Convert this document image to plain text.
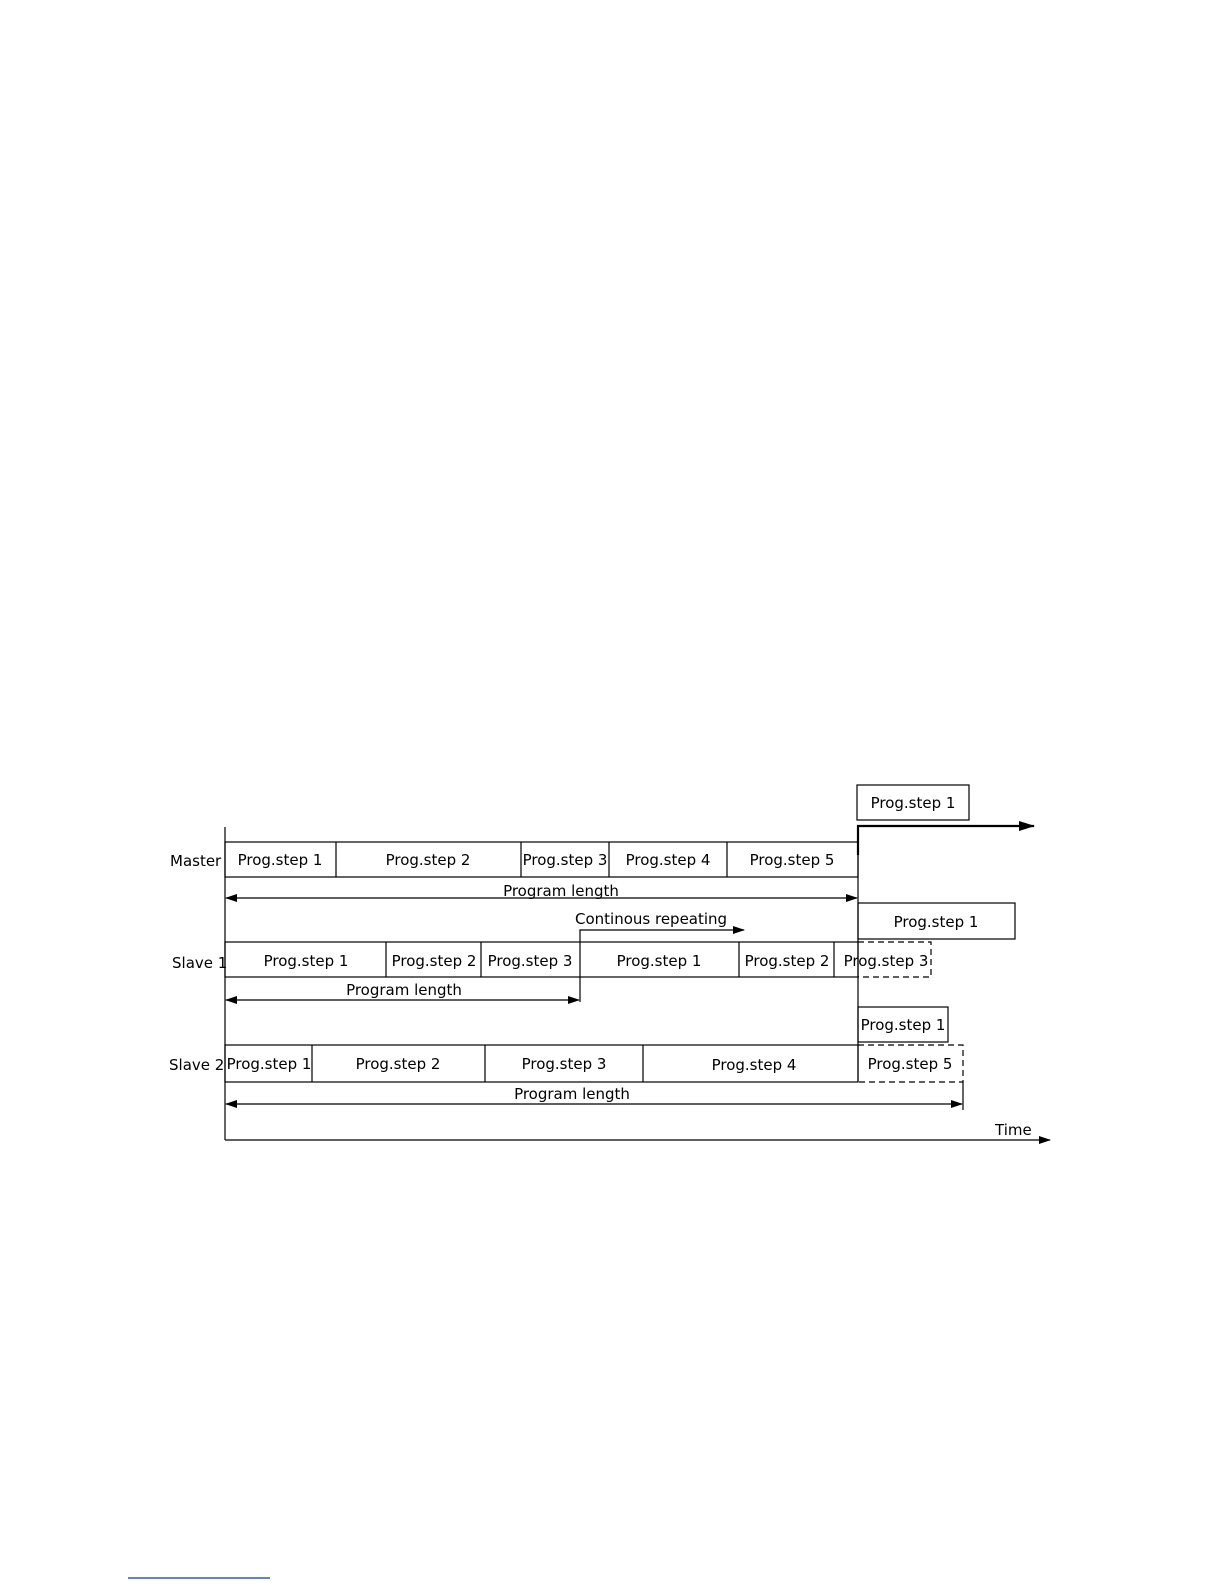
Time
Master Prog.step 1	Prog.step 2	Prog.step 3 Prog.step 4	Prog.step 5
Program length
Prog.step 1
Slave 1 Prog.step 1	Prog.step 2 Prog.step 3	Prog.step 1	Prog.step 2 Prog.step 3
Continous repeating	Prog.step 1
Program length
Prog.step 1
Slave 2 Prog.step 1	Prog.step 2	Prog.step 3	Prog.step 4	Prog.step 5
Program length
